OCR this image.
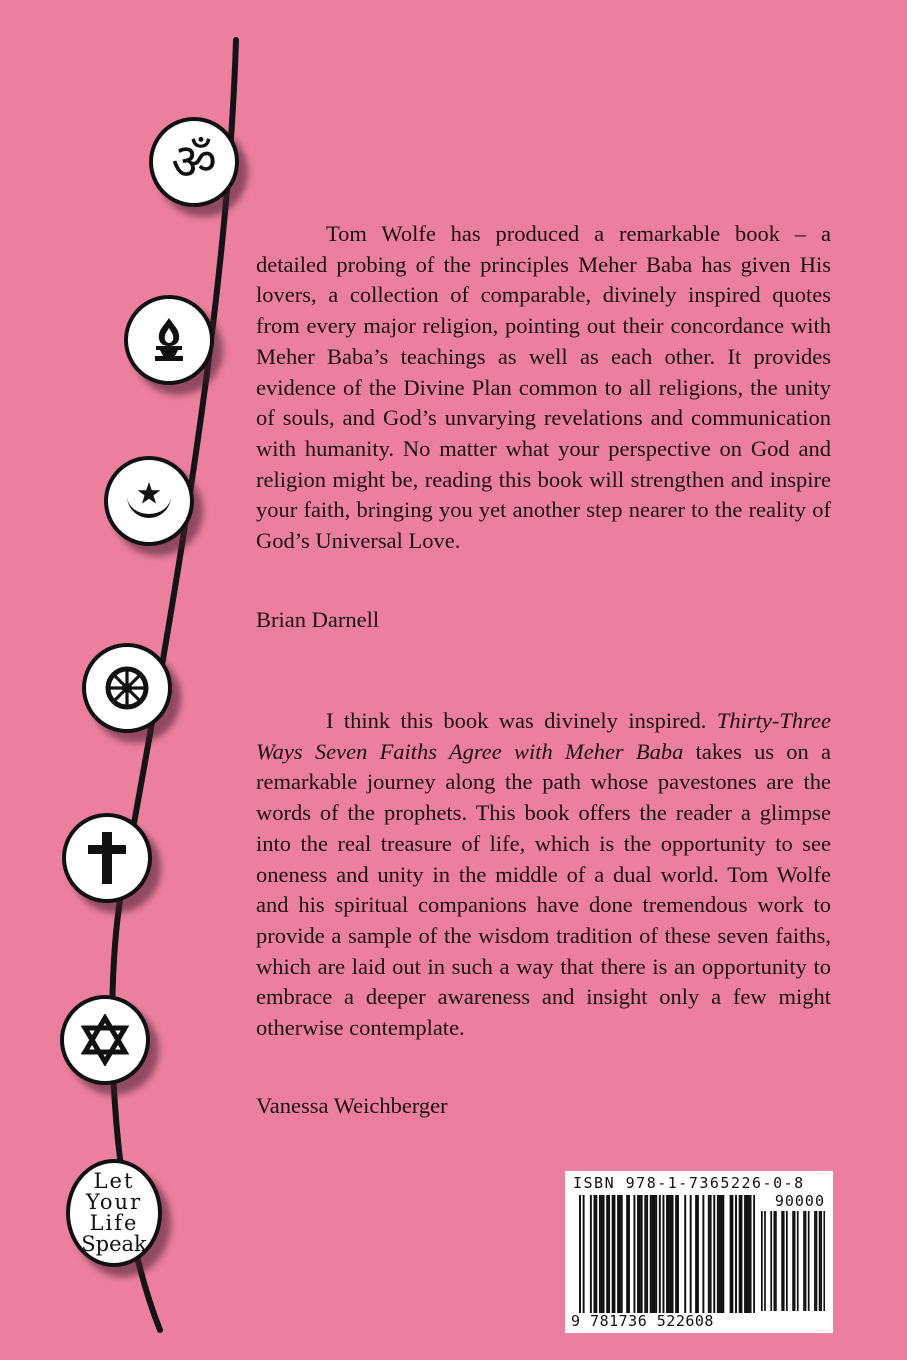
ॐ
Let
Your
Life
Speak

Tom Wolfe has produced a remarkable book – a detailed probing of the principles Meher Baba has given His lovers, a collection of comparable, divinely inspired quotes from every major religion, pointing out their concordance with Meher Baba’s teachings as well as each other. It provides evidence of the Divine Plan common to all religions, the unity of souls, and God’s unvarying revelations and communication with humanity. No matter what your perspective on God and religion might be, reading this book will strengthen and inspire your faith, bringing you yet another step nearer to the reality of God’s Universal Love.

Brian Darnell

I think this book was divinely inspired. Thirty-Three Ways Seven Faiths Agree with Meher Baba takes us on a remarkable journey along the path whose pavestones are the words of the prophets. This book offers the reader a glimpse into the real treasure of life, which is the opportunity to see oneness and unity in the middle of a dual world. Tom Wolfe and his spiritual companions have done tremendous work to provide a sample of the wisdom tradition of these seven faiths, which are laid out in such a way that there is an opportunity to embrace a deeper awareness and insight only a few might otherwise contemplate.

Vanessa Weichberger

ISBN 978-1-7365226-0-8
90000
9 781736 522608
